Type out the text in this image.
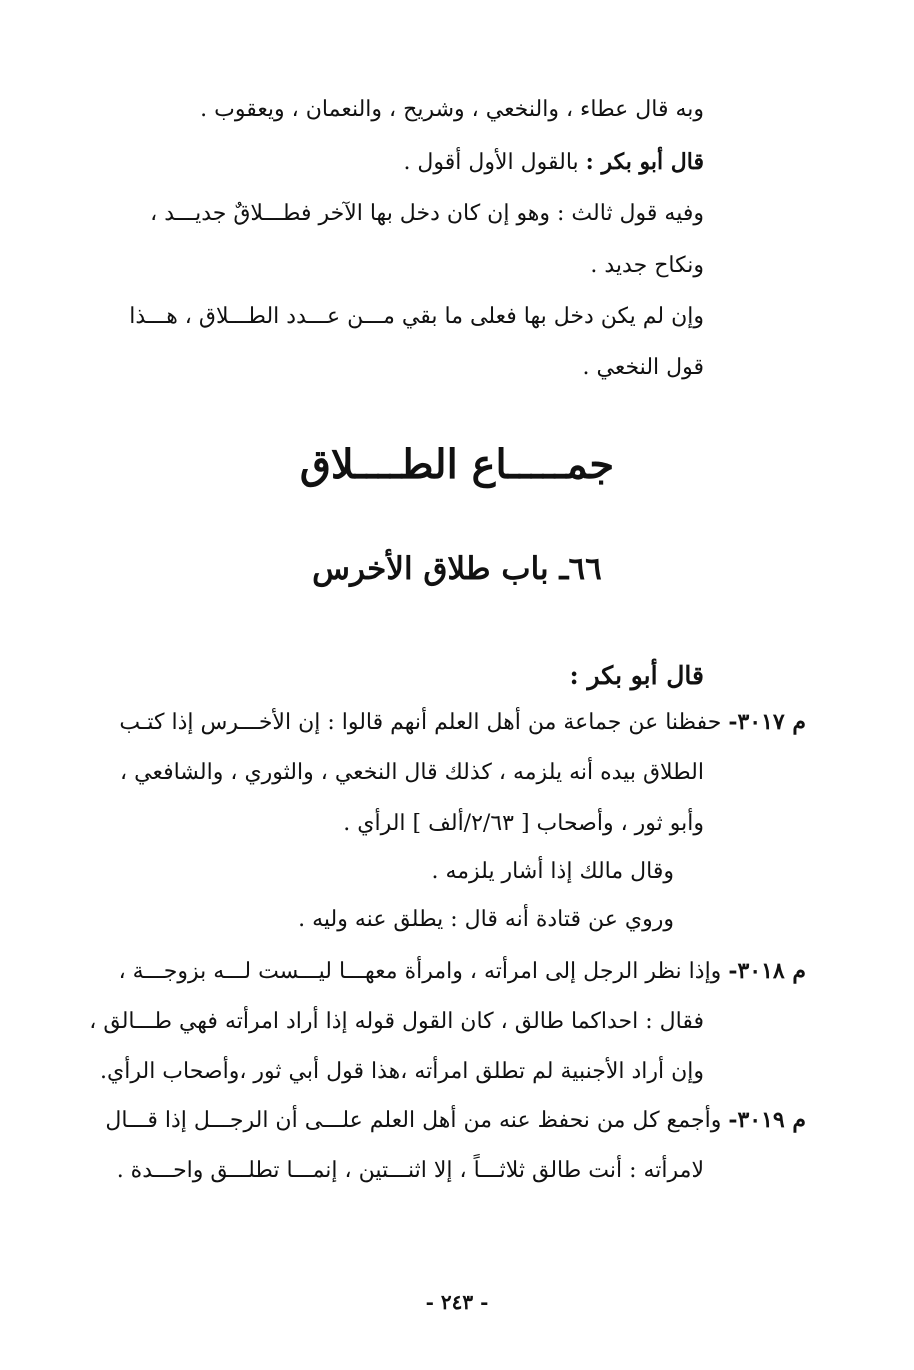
وبه قال عطاء ، والنخعي ، وشريح ، والنعمان ، ويعقوب .
قال أبو بكر : بالقول الأول أقول .
وفيه قول ثالث : وهو إن كان دخل بها الآخر فطـــلاقٌ جديـــد ،
ونكاح جديد .
وإن لم يكن دخل بها فعلى ما بقي مـــن عـــدد الطـــلاق ، هـــذا
قول النخعي .
جمـــــاع الطــــلاق
٦٦ـ باب طلاق الأخرس
قال أبو بكر :
م ٣٠١٧- حفظنا عن جماعة من أهل العلم أنهم قالوا : إن الأخـــرس إذا كتـب
الطلاق بيده أنه يلزمه ، كذلك قال النخعي ، والثوري ، والشافعي ،
وأبو ثور ، وأصحاب [ ٢/٦٣/ألف ] الرأي .
وقال مالك إذا أشار يلزمه .
وروي عن قتادة أنه قال : يطلق عنه وليه .
م ٣٠١٨- وإذا نظر الرجل إلى امرأته ، وامرأة معهـــا ليـــست لـــه بزوجـــة ،
فقال : احداكما طالق ، كان القول قوله إذا أراد امرأته فهي طـــالق ،
وإن أراد الأجنبية لم تطلق امرأته ،هذا قول أبي ثور ،وأصحاب الرأي.
م ٣٠١٩- وأجمع كل من نحفظ عنه من أهل العلم علـــى أن الرجـــل إذا قـــال
لامرأته : أنت طالق ثلاثـــاً ، إلا اثنـــتين ، إنمـــا تطلـــق واحـــدة .
- ٢٤٣ -
